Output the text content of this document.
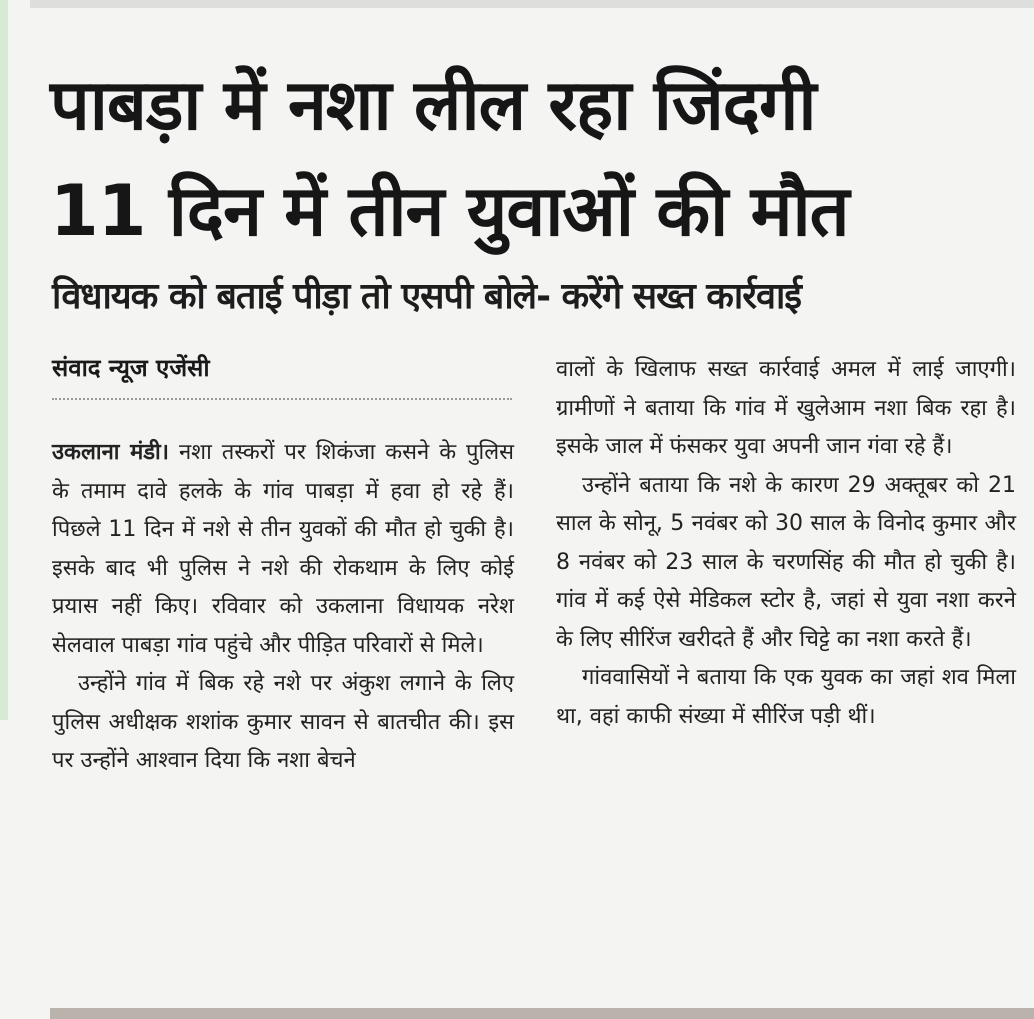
पाबड़ा में नशा लील रहा जिंदगी
11 दिन में तीन युवाओं की मौत
विधायक को बताई पीड़ा तो एसपी बोले- करेंगे सख्त कार्रवाई
संवाद न्यूज एजेंसी

उकलाना मंडी। नशा तस्करों पर शिकंजा कसने के पुलिस के तमाम दावे हलके के गांव पाबड़ा में हवा हो रहे हैं। पिछले 11 दिन में नशे से तीन युवकों की मौत हो चुकी है। इसके बाद भी पुलिस ने नशे की रोकथाम के लिए कोई प्रयास नहीं किए। रविवार को उकलाना विधायक नरेश सेलवाल पाबड़ा गांव पहुंचे और पीड़ित परिवारों से मिले।

उन्होंने गांव में बिक रहे नशे पर अंकुश लगाने के लिए पुलिस अधीक्षक शशांक कुमार सावन से बातचीत की। इस पर उन्होंने आश्वान दिया कि नशा बेचने

वालों के खिलाफ सख्त कार्रवाई अमल में लाई जाएगी। ग्रामीणों ने बताया कि गांव में खुलेआम नशा बिक रहा है। इसके जाल में फंसकर युवा अपनी जान गंवा रहे हैं।

उन्होंने बताया कि नशे के कारण 29 अक्तूबर को 21 साल के सोनू, 5 नवंबर को 30 साल के विनोद कुमार और 8 नवंबर को 23 साल के चरणसिंह की मौत हो चुकी है। गांव में कई ऐसे मेडिकल स्टोर है, जहां से युवा नशा करने के लिए सीरिंज खरीदते हैं और चिट्टे का नशा करते हैं।

गांववासियों ने बताया कि एक युवक का जहां शव मिला था, वहां काफी संख्या में सीरिंज पड़ी थीं।
